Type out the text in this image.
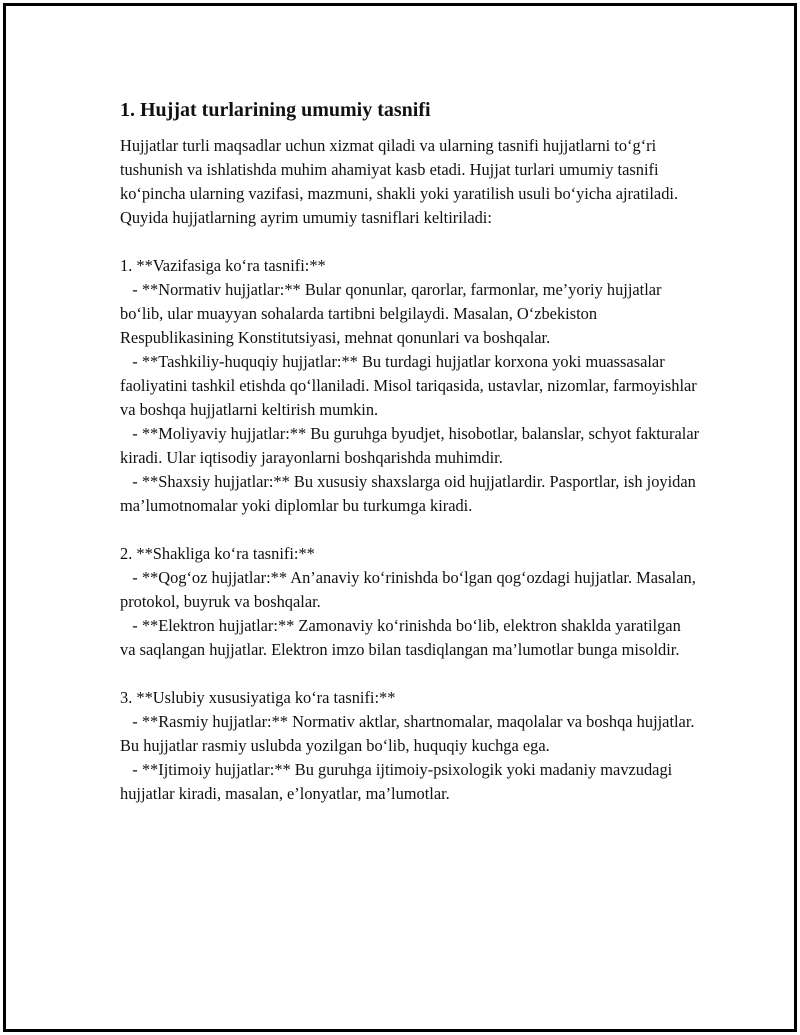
1. Hujjat turlarining umumiy tasnifi

Hujjatlar turli maqsadlar uchun xizmat qiladi va ularning tasnifi hujjatlarni to‘g‘ri tushunish va ishlatishda muhim ahamiyat kasb etadi. Hujjat turlari umumiy tasnifi ko‘pincha ularning vazifasi, mazmuni, shakli yoki yaratilish usuli bo‘yicha ajratiladi. Quyida hujjatlarning ayrim umumiy tasniflari keltiriladi:

1. **Vazifasiga ko‘ra tasnifi:**
- **Normativ hujjatlar:** Bular qonunlar, qarorlar, farmonlar, me’yoriy hujjatlar bo‘lib, ular muayyan sohalarda tartibni belgilaydi. Masalan, O‘zbekiston Respublikasining Konstitutsiyasi, mehnat qonunlari va boshqalar.
- **Tashkiliy-huquqiy hujjatlar:** Bu turdagi hujjatlar korxona yoki muassasalar faoliyatini tashkil etishda qo‘llaniladi. Misol tariqasida, ustavlar, nizomlar, farmoyishlar va boshqa hujjatlarni keltirish mumkin.
- **Moliyaviy hujjatlar:** Bu guruhga byudjet, hisobotlar, balanslar, schyot fakturalar kiradi. Ular iqtisodiy jarayonlarni boshqarishda muhimdir.
- **Shaxsiy hujjatlar:** Bu xususiy shaxslarga oid hujjatlardir. Pasportlar, ish joyidan ma’lumotnomalar yoki diplomlar bu turkumga kiradi.
2. **Shakliga ko‘ra tasnifi:**
- **Qog‘oz hujjatlar:** An’anaviy ko‘rinishda bo‘lgan qog‘ozdagi hujjatlar. Masalan, protokol, buyruk va boshqalar.
- **Elektron hujjatlar:** Zamonaviy ko‘rinishda bo‘lib, elektron shaklda yaratilgan va saqlangan hujjatlar. Elektron imzo bilan tasdiqlangan ma’lumotlar bunga misoldir.
3. **Uslubiy xususiyatiga ko‘ra tasnifi:**
- **Rasmiy hujjatlar:** Normativ aktlar, shartnomalar, maqolalar va boshqa hujjatlar. Bu hujjatlar rasmiy uslubda yozilgan bo‘lib, huquqiy kuchga ega.
- **Ijtimoiy hujjatlar:** Bu guruhga ijtimoiy-psixologik yoki madaniy mavzudagi hujjatlar kiradi, masalan, e’lonyatlar, ma’lumotlar.
